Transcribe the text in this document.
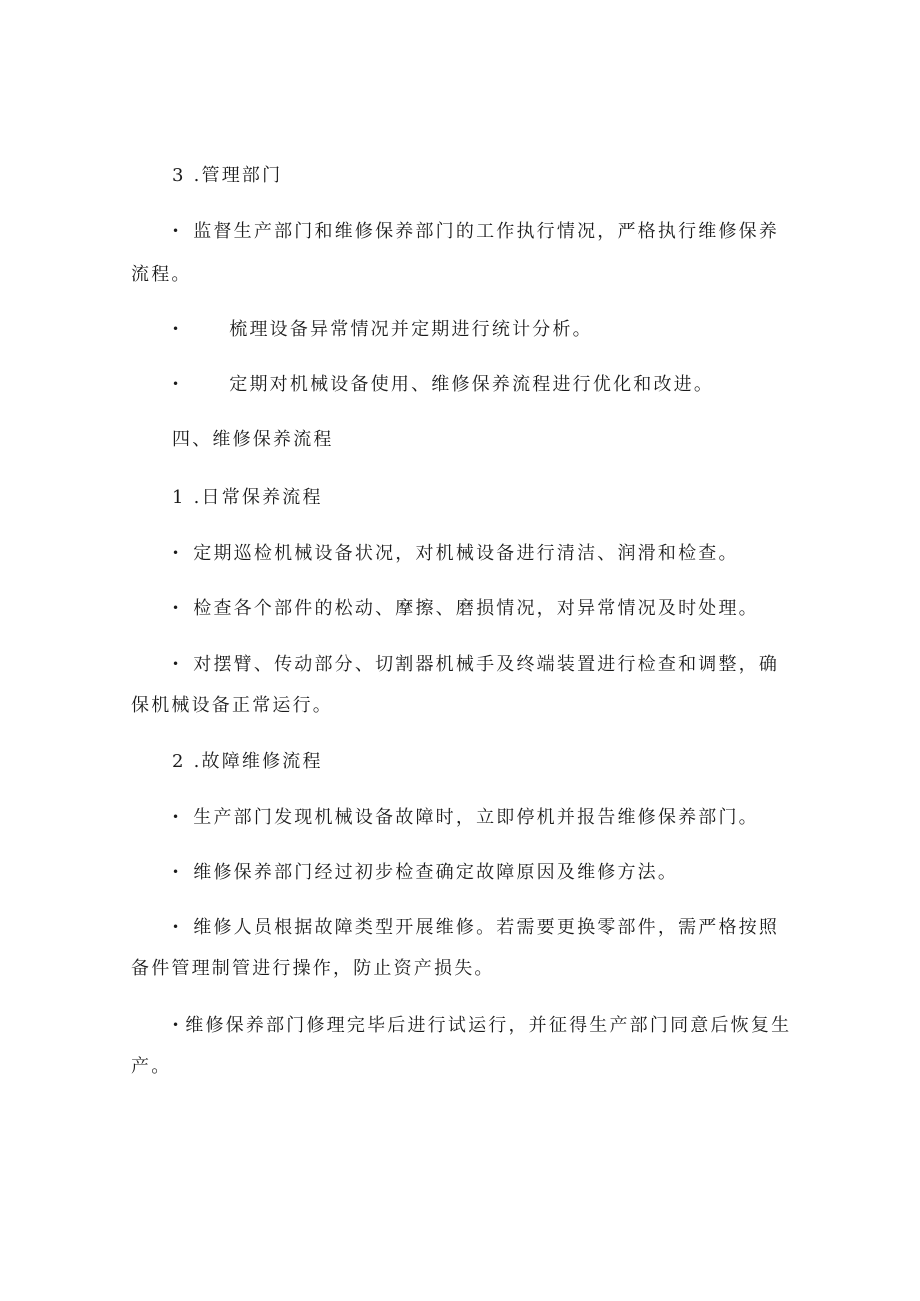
3 .管理部门
• 监督生产部门和维修保养部门的工作执行情况，严格执行维修保养
流程。
•	梳理设备异常情况并定期进行统计分析。
•	定期对机械设备使用、维修保养流程进行优化和改进。
四、维修保养流程
1 .日常保养流程
• 定期巡检机械设备状况，对机械设备进行清洁、润滑和检查。
• 检查各个部件的松动、摩擦、磨损情况，对异常情况及时处理。
• 对摆臂、传动部分、切割器机械手及终端装置进行检查和调整，确
保机械设备正常运行。
2 .故障维修流程
• 生产部门发现机械设备故障时，立即停机并报告维修保养部门。
• 维修保养部门经过初步检查确定故障原因及维修方法。
• 维修人员根据故障类型开展维修。若需要更换零部件，需严格按照
备件管理制管进行操作，防止资产损失。
• 维修保养部门修理完毕后进行试运行，并征得生产部门同意后恢复生
产。
